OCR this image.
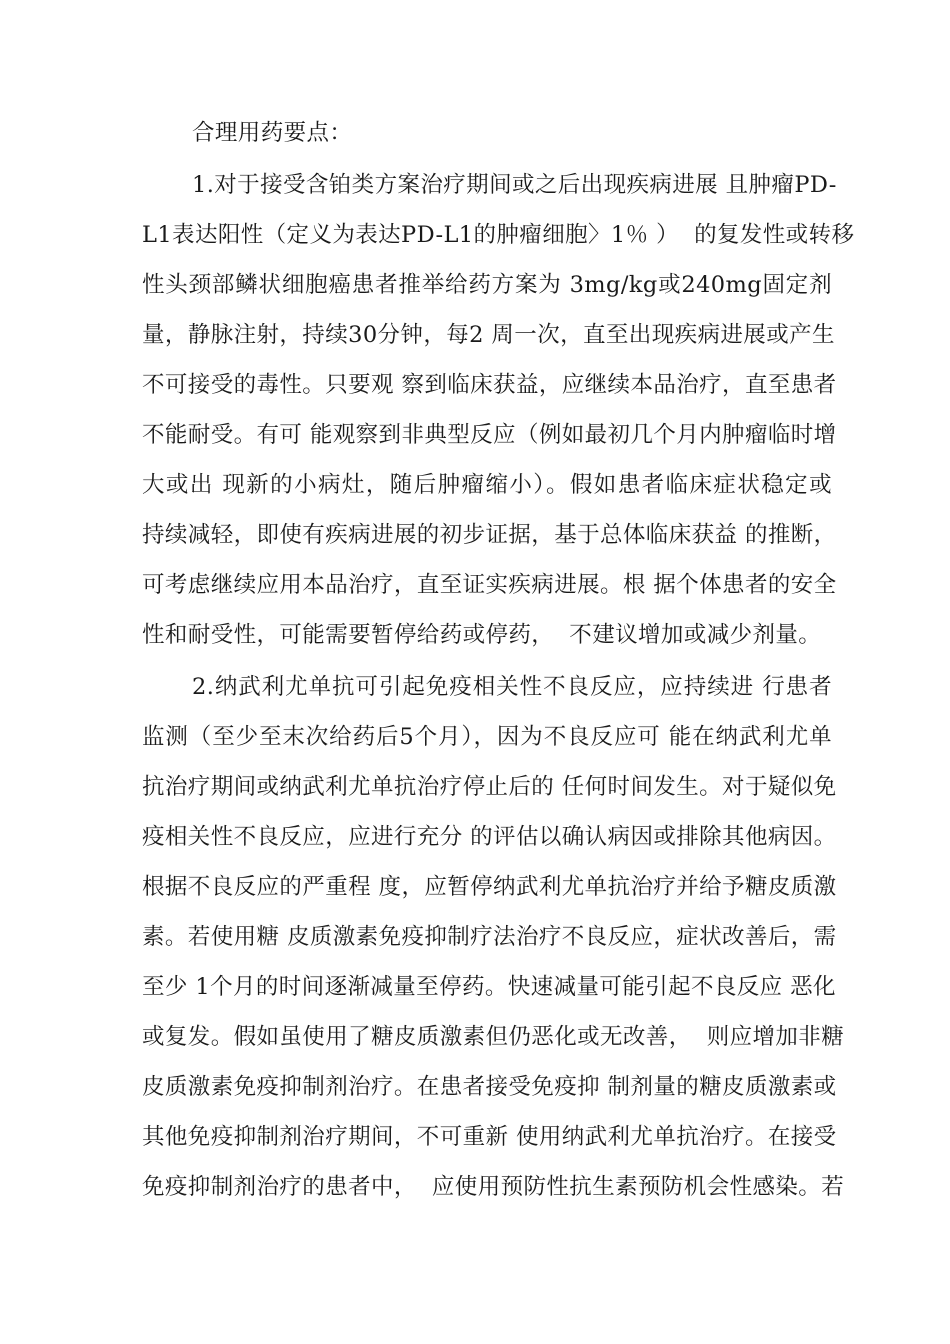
合理用药要点：
1.对于接受含铂类方案治疗期间或之后出现疾病进展 且肿瘤PD-
L1表达阳性（定义为表达PD-L1的肿瘤细胞〉1％ ）  的复发性或转移
性头颈部鳞状细胞癌患者推举给药方案为 3mg/kg或240mg固定剂
量，静脉注射，持续30分钟，每2 周一次，直至出现疾病进展或产生
不可接受的毒性。只要观 察到临床获益，应继续本品治疗，直至患者
不能耐受。有可 能观察到非典型反应（例如最初几个月内肿瘤临时增
大或出 现新的小病灶，随后肿瘤缩小）。假如患者临床症状稳定或
持续减轻，即使有疾病进展的初步证据，基于总体临床获益 的推断，
可考虑继续应用本品治疗，直至证实疾病进展。根 据个体患者的安全
性和耐受性，可能需要暂停给药或停药，  不建议增加或减少剂量。
2.纳武利尤单抗可引起免疫相关性不良反应，应持续进 行患者
监测（至少至末次给药后5个月），因为不良反应可 能在纳武利尤单
抗治疗期间或纳武利尤单抗治疗停止后的 任何时间发生。对于疑似免
疫相关性不良反应，应进行充分 的评估以确认病因或排除其他病因。
根据不良反应的严重程 度，应暂停纳武利尤单抗治疗并给予糖皮质激
素。若使用糖 皮质激素免疫抑制疗法治疗不良反应，症状改善后，需
至少 1个月的时间逐渐减量至停药。快速减量可能引起不良反应 恶化
或复发。假如虽使用了糖皮质激素但仍恶化或无改善，  则应增加非糖
皮质激素免疫抑制剂治疗。在患者接受免疫抑 制剂量的糖皮质激素或
其他免疫抑制剂治疗期间，不可重新 使用纳武利尤单抗治疗。在接受
免疫抑制剂治疗的患者中，  应使用预防性抗生素预防机会性感染。若
